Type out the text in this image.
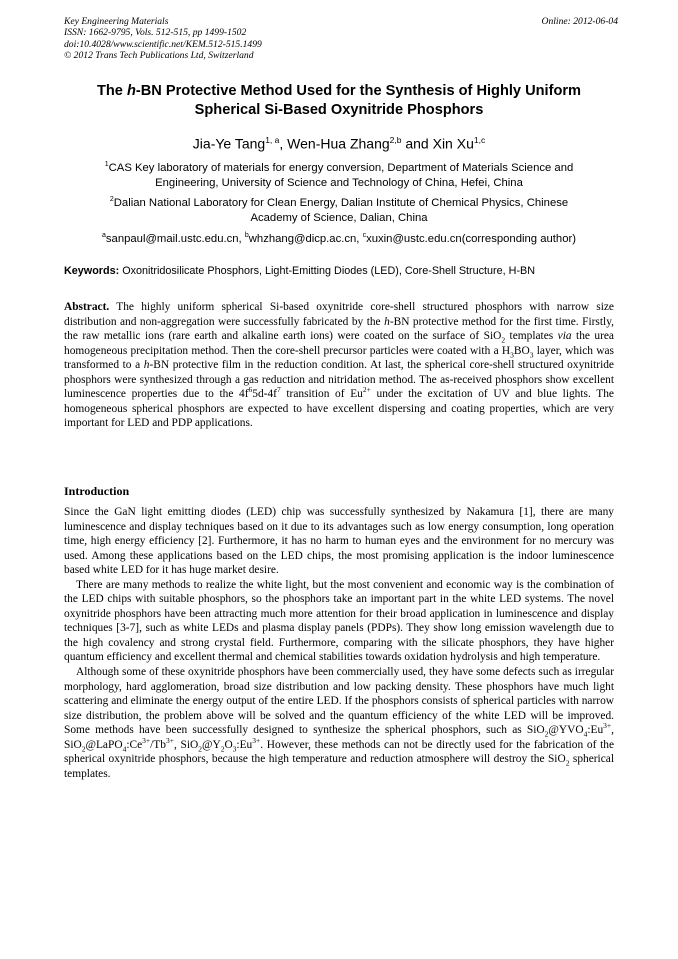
Key Engineering Materials
ISSN: 1662-9795, Vols. 512-515, pp 1499-1502
doi:10.4028/www.scientific.net/KEM.512-515.1499
© 2012 Trans Tech Publications Ltd, Switzerland
Online: 2012-06-04
The h-BN Protective Method Used for the Synthesis of Highly Uniform
Spherical Si-Based Oxynitride Phosphors
Jia-Ye Tang$^{1, a}$, Wen-Hua Zhang$^{2,b}$ and Xin Xu$^{1,c}$
$^1$CAS Key laboratory of materials for energy conversion, Department of Materials Science and
Engineering, University of Science and Technology of China, Hefei, China
$^2$Dalian National Laboratory for Clean Energy, Dalian Institute of Chemical Physics, Chinese
Academy of Science, Dalian, China
$^a$sanpaul@mail.ustc.edu.cn, $^b$whzhang@dicp.ac.cn, $^c$xuxin@ustc.edu.cn(corresponding author)
Keywords: Oxonitridosilicate Phosphors, Light-Emitting Diodes (LED), Core-Shell Structure, H-BN

Abstract. The highly uniform spherical Si-based oxynitride core-shell structured phosphors with narrow size distribution and non-aggregation were successfully fabricated by the h-BN protective method for the first time. Firstly, the raw metallic ions (rare earth and alkaline earth ions) were coated on the surface of SiO$_2$ templates via the urea homogeneous precipitation method. Then the core-shell precursor particles were coated with a $H_3BO_3$ layer, which was transformed to a h-BN protective film in the reduction condition. At last, the spherical core-shell structured oxynitride phosphors were synthesized through a gas reduction and nitridation method. The as-received phosphors show excellent luminescence properties due to the $4f^65d-4f^7$ transition of $Eu^{2+}$ under the excitation of UV and blue lights. The homogeneous spherical phosphors are expected to have excellent dispersing and coating properties, which are very important for LED and PDP applications.

Introduction

Since the GaN light emitting diodes (LED) chip was successfully synthesized by Nakamura [1], there are many luminescence and display techniques based on it due to its advantages such as low energy consumption, long operation time, high energy efficiency [2]. Furthermore, it has no harm to human eyes and the environment for no mercury was used. Among these applications based on the LED chips, the most promising application is the indoor luminescence based white LED for it has huge market desire.

There are many methods to realize the white light, but the most convenient and economic way is the combination of the LED chips with suitable phosphors, so the phosphors take an important part in the white LED systems. The novel oxynitride phosphors have been attracting much more attention for their broad application in luminescence and display techniques [3-7], such as white LEDs and plasma display panels (PDPs). They show long emission wavelength due to the high covalency and strong crystal field. Furthermore, comparing with the silicate phosphors, they have higher quantum efficiency and excellent thermal and chemical stabilities towards oxidation hydrolysis and high temperature.

Although some of these oxynitride phosphors have been commercially used, they have some defects such as irregular morphology, hard agglomeration, broad size distribution and low packing density. These phosphors have much light scattering and eliminate the energy output of the entire LED. If the phosphors consists of spherical particles with narrow size distribution, the problem above will be solved and the quantum efficiency of the white LED will be improved. Some methods have been successfully designed to synthesize the spherical phosphors, such as $SiO_2@YVO_4:Eu^{3+}$, $SiO_2@LaPO_4:Ce^{3+}/Tb^{3+}$, $SiO_2@Y_2O_3:Eu^{3+}$. However, these methods can not be directly used for the fabrication of the spherical oxynitride phosphors, because the high temperature and reduction atmosphere will destroy the SiO$_2$ spherical templates.
